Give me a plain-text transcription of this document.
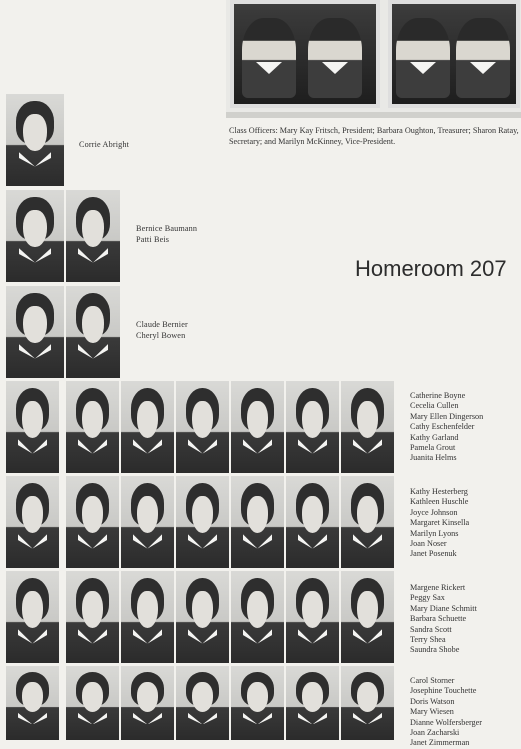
Class Officers: Mary Kay Fritsch, President; Barbara Oughton, Treasurer; Sharon Ratay, Secretary; and Marilyn McKinney, Vice-President.
Corrie Abright
Bernice Baumann
Patti Beis
Homeroom 207
Claude Bernier
Cheryl Bowen
Catherine Boyne
Cecelia Cullen
Mary Ellen Dingerson
Cathy Eschenfelder
Kathy Garland
Pamela Grout
Juanita Helms
Kathy Hesterberg
Kathleen Huschle
Joyce Johnson
Margaret Kinsella
Marilyn Lyons
Joan Noser
Janet Posenuk
Margene Rickert
Peggy Sax
Mary Diane Schmitt
Barbara Schuette
Sandra Scott
Terry Shea
Saundra Shobe
Carol Storner
Josephine Touchette
Doris Watson
Mary Wiesen
Dianne Wolfersberger
Joan Zacharski
Janet Zimmerman
